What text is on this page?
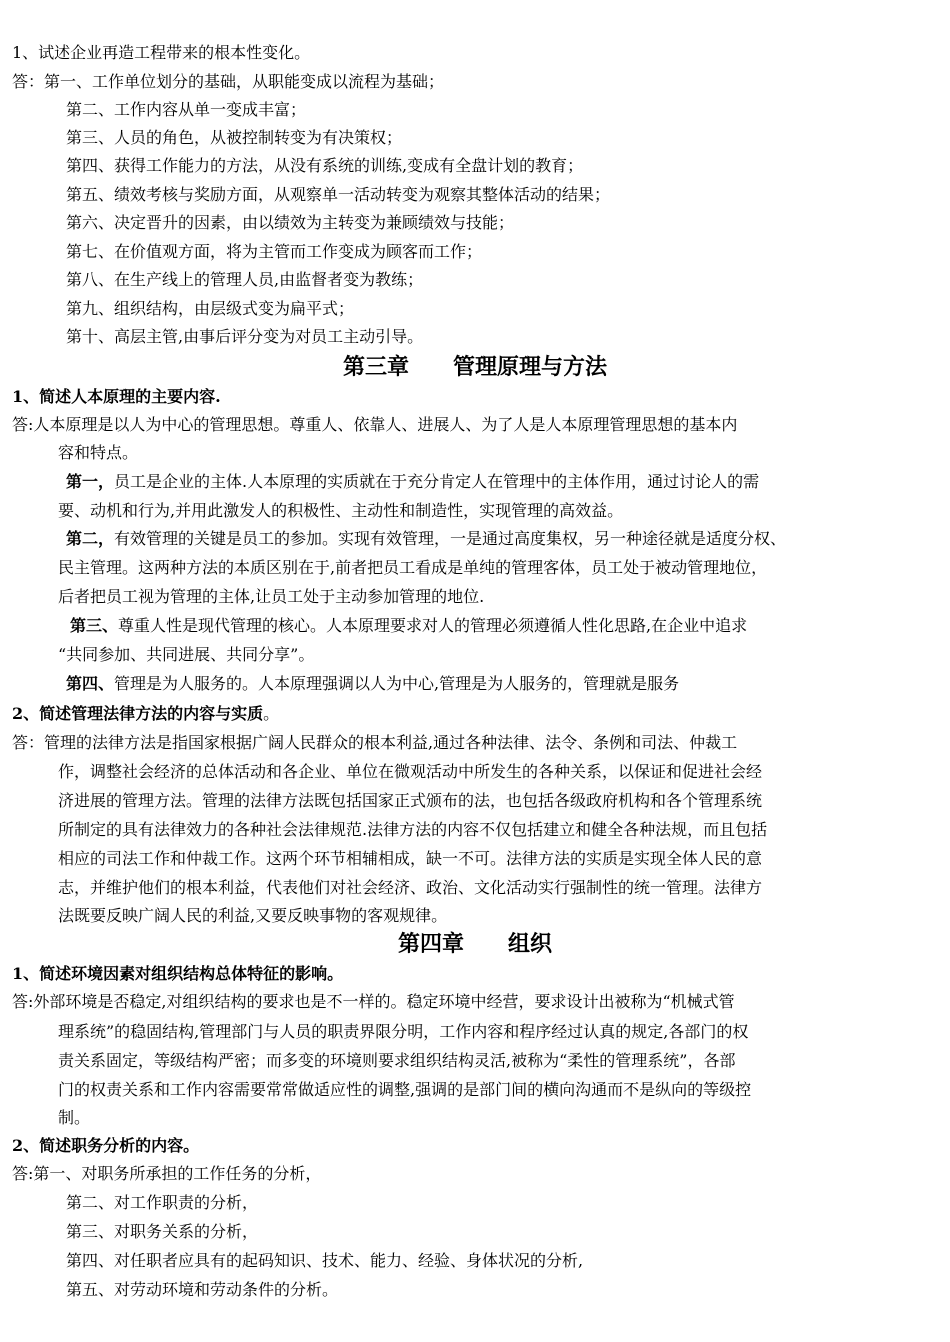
1、试述企业再造工程带来的根本性变化。
答：第一、工作单位划分的基础，从职能变成以流程为基础；
第二、工作内容从单一变成丰富；
第三、人员的角色，从被控制转变为有决策权；
第四、获得工作能力的方法，从没有系统的训练,变成有全盘计划的教育；
第五、绩效考核与奖励方面，从观察单一活动转变为观察其整体活动的结果；
第六、决定晋升的因素，由以绩效为主转变为兼顾绩效与技能；
第七、在价值观方面，将为主管而工作变成为顾客而工作；
第八、在生产线上的管理人员,由监督者变为教练；
第九、组织结构，由层级式变为扁平式；
第十、高层主管,由事后评分变为对员工主动引导。
第三章　　管理原理与方法
1、简述人本原理的主要内容.
答:人本原理是以人为中心的管理思想。尊重人、依靠人、进展人、为了人是人本原理管理思想的基本内
容和特点。
第一，员工是企业的主体.人本原理的实质就在于充分肯定人在管理中的主体作用，通过讨论人的需
要、动机和行为,并用此激发人的积极性、主动性和制造性，实现管理的高效益。
第二，有效管理的关键是员工的参加。实现有效管理，一是通过高度集权，另一种途径就是适度分权、
民主管理。这两种方法的本质区别在于,前者把员工看成是单纯的管理客体，员工处于被动管理地位，
后者把员工视为管理的主体,让员工处于主动参加管理的地位.
第三、尊重人性是现代管理的核心。人本原理要求对人的管理必须遵循人性化思路,在企业中追求
“共同参加、共同进展、共同分享”。
第四、管理是为人服务的。人本原理强调以人为中心,管理是为人服务的，管理就是服务
2、简述管理法律方法的内容与实质。
答：管理的法律方法是指国家根据广阔人民群众的根本利益,通过各种法律、法令、条例和司法、仲裁工
作，调整社会经济的总体活动和各企业、单位在微观活动中所发生的各种关系，以保证和促进社会经
济进展的管理方法。管理的法律方法既包括国家正式颁布的法，也包括各级政府机构和各个管理系统
所制定的具有法律效力的各种社会法律规范.法律方法的内容不仅包括建立和健全各种法规，而且包括
相应的司法工作和仲裁工作。这两个环节相辅相成，缺一不可。法律方法的实质是实现全体人民的意
志，并维护他们的根本利益，代表他们对社会经济、政治、文化活动实行强制性的统一管理。法律方
法既要反映广阔人民的利益,又要反映事物的客观规律。
第四章　　组织
1、简述环境因素对组织结构总体特征的影响。
答:外部环境是否稳定,对组织结构的要求也是不一样的。稳定环境中经营，要求设计出被称为“机械式管
理系统”的稳固结构,管理部门与人员的职责界限分明，工作内容和程序经过认真的规定,各部门的权
责关系固定，等级结构严密；而多变的环境则要求组织结构灵活,被称为“柔性的管理系统”，各部
门的权责关系和工作内容需要常常做适应性的调整,强调的是部门间的横向沟通而不是纵向的等级控
制。
2、简述职务分析的内容。
答:第一、对职务所承担的工作任务的分析，
第二、对工作职责的分析，
第三、对职务关系的分析，
第四、对任职者应具有的起码知识、技术、能力、经验、身体状况的分析,
第五、对劳动环境和劳动条件的分析。
